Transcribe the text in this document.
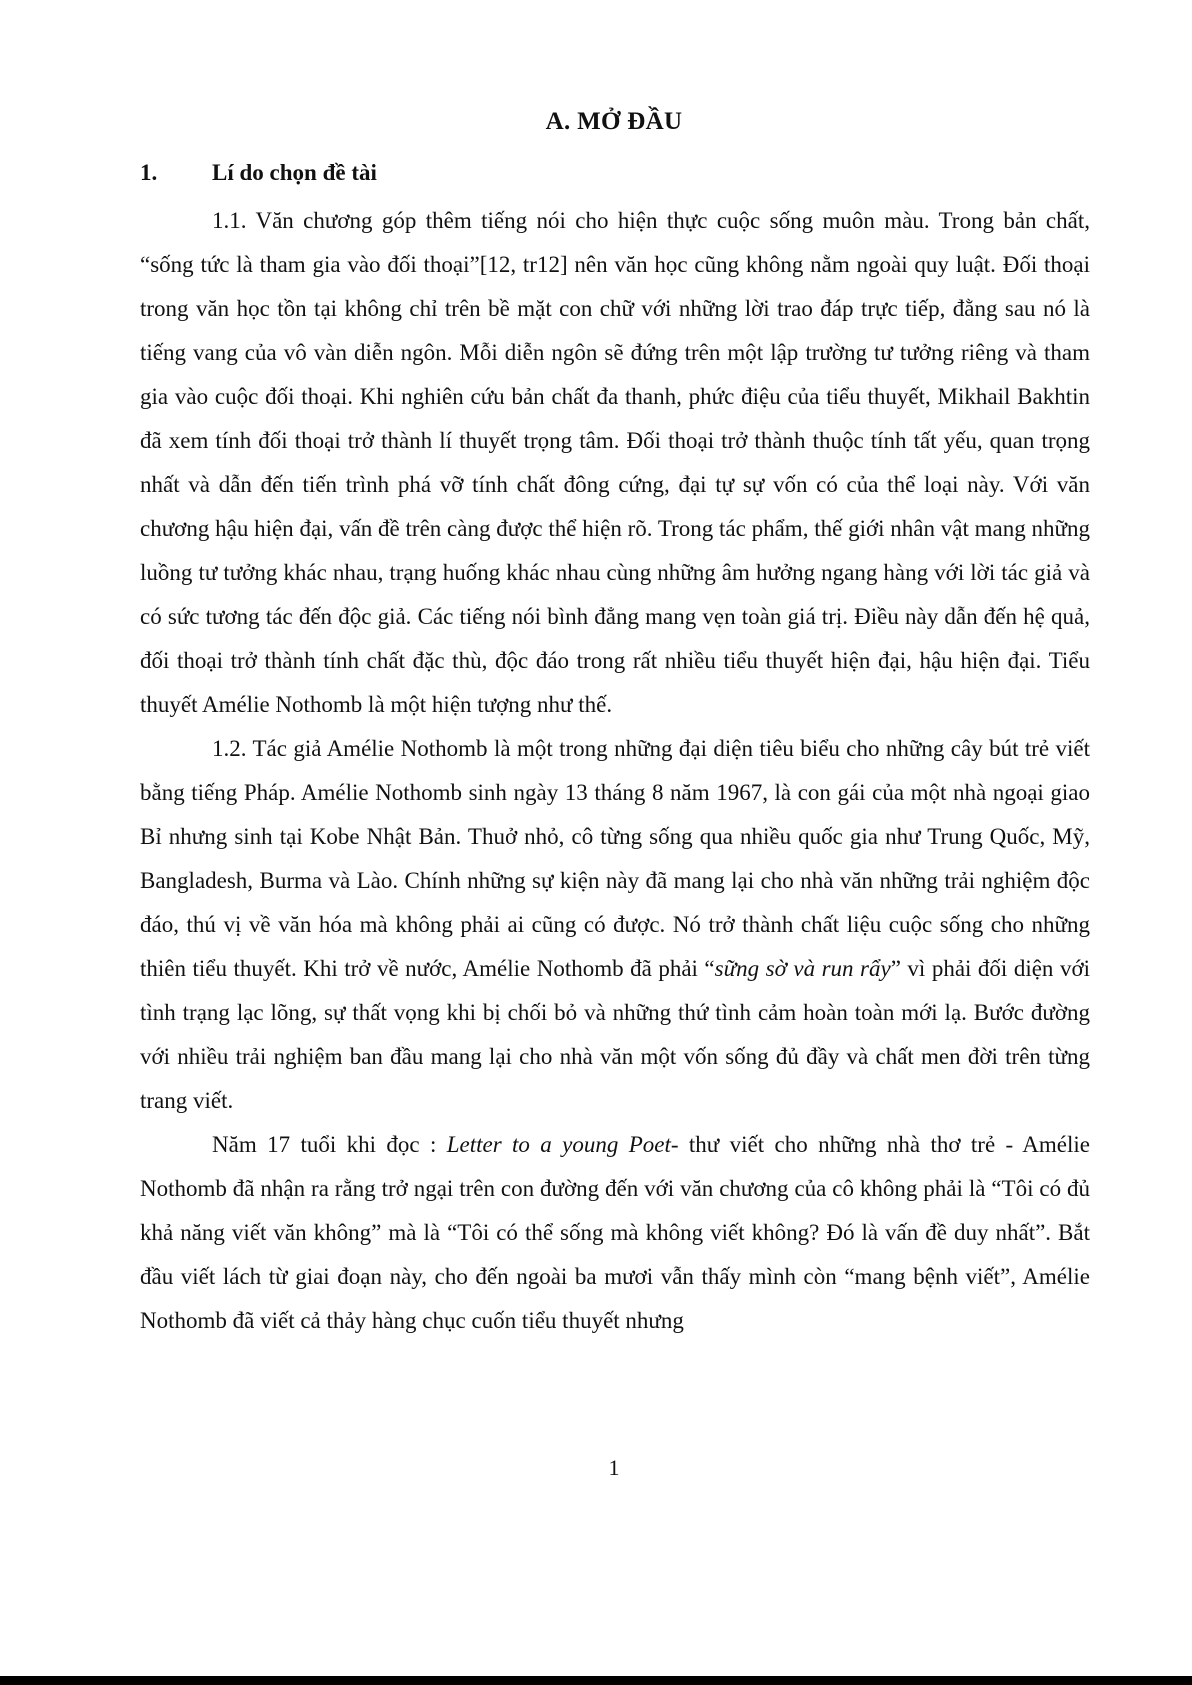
A. MỞ ĐẦU
1. Lí do chọn đề tài

1.1. Văn chương góp thêm tiếng nói cho hiện thực cuộc sống muôn màu. Trong bản chất, “sống tức là tham gia vào đối thoại”[12, tr12] nên văn học cũng không nằm ngoài quy luật. Đối thoại trong văn học tồn tại không chỉ trên bề mặt con chữ với những lời trao đáp trực tiếp, đằng sau nó là tiếng vang của vô vàn diễn ngôn. Mỗi diễn ngôn sẽ đứng trên một lập trường tư tưởng riêng và tham gia vào cuộc đối thoại. Khi nghiên cứu bản chất đa thanh, phức điệu của tiểu thuyết, Mikhail Bakhtin đã xem tính đối thoại trở thành lí thuyết trọng tâm. Đối thoại trở thành thuộc tính tất yếu, quan trọng nhất và dẫn đến tiến trình phá vỡ tính chất đông cứng, đại tự sự vốn có của thể loại này. Với văn chương hậu hiện đại, vấn đề trên càng được thể hiện rõ. Trong tác phẩm, thế giới nhân vật mang những luồng tư tưởng khác nhau, trạng huống khác nhau cùng những âm hưởng ngang hàng với lời tác giả và có sức tương tác đến độc giả. Các tiếng nói bình đẳng mang vẹn toàn giá trị. Điều này dẫn đến hệ quả, đối thoại trở thành tính chất đặc thù, độc đáo trong rất nhiều tiểu thuyết hiện đại, hậu hiện đại. Tiểu thuyết Amélie Nothomb là một hiện tượng như thế.

1.2. Tác giả Amélie Nothomb là một trong những đại diện tiêu biểu cho những cây bút trẻ viết bằng tiếng Pháp. Amélie Nothomb sinh ngày 13 tháng 8 năm 1967, là con gái của một nhà ngoại giao Bỉ nhưng sinh tại Kobe Nhật Bản. Thuở nhỏ, cô từng sống qua nhiều quốc gia như Trung Quốc, Mỹ, Bangladesh, Burma và Lào. Chính những sự kiện này đã mang lại cho nhà văn những trải nghiệm độc đáo, thú vị về văn hóa mà không phải ai cũng có được. Nó trở thành chất liệu cuộc sống cho những thiên tiểu thuyết. Khi trở về nước, Amélie Nothomb đã phải “sững sờ và run rẩy” vì phải đối diện với tình trạng lạc lõng, sự thất vọng khi bị chối bỏ và những thứ tình cảm hoàn toàn mới lạ. Bước đường với nhiều trải nghiệm ban đầu mang lại cho nhà văn một vốn sống đủ đầy và chất men đời trên từng trang viết.

Năm 17 tuổi khi đọc : Letter to a young Poet- thư viết cho những nhà thơ trẻ - Amélie Nothomb đã nhận ra rằng trở ngại trên con đường đến với văn chương của cô không phải là “Tôi có đủ khả năng viết văn không” mà là “Tôi có thể sống mà không viết không? Đó là vấn đề duy nhất”. Bắt đầu viết lách từ giai đoạn này, cho đến ngoài ba mươi vẫn thấy mình còn “mang bệnh viết”, Amélie Nothomb đã viết cả thảy hàng chục cuốn tiểu thuyết nhưng

1
